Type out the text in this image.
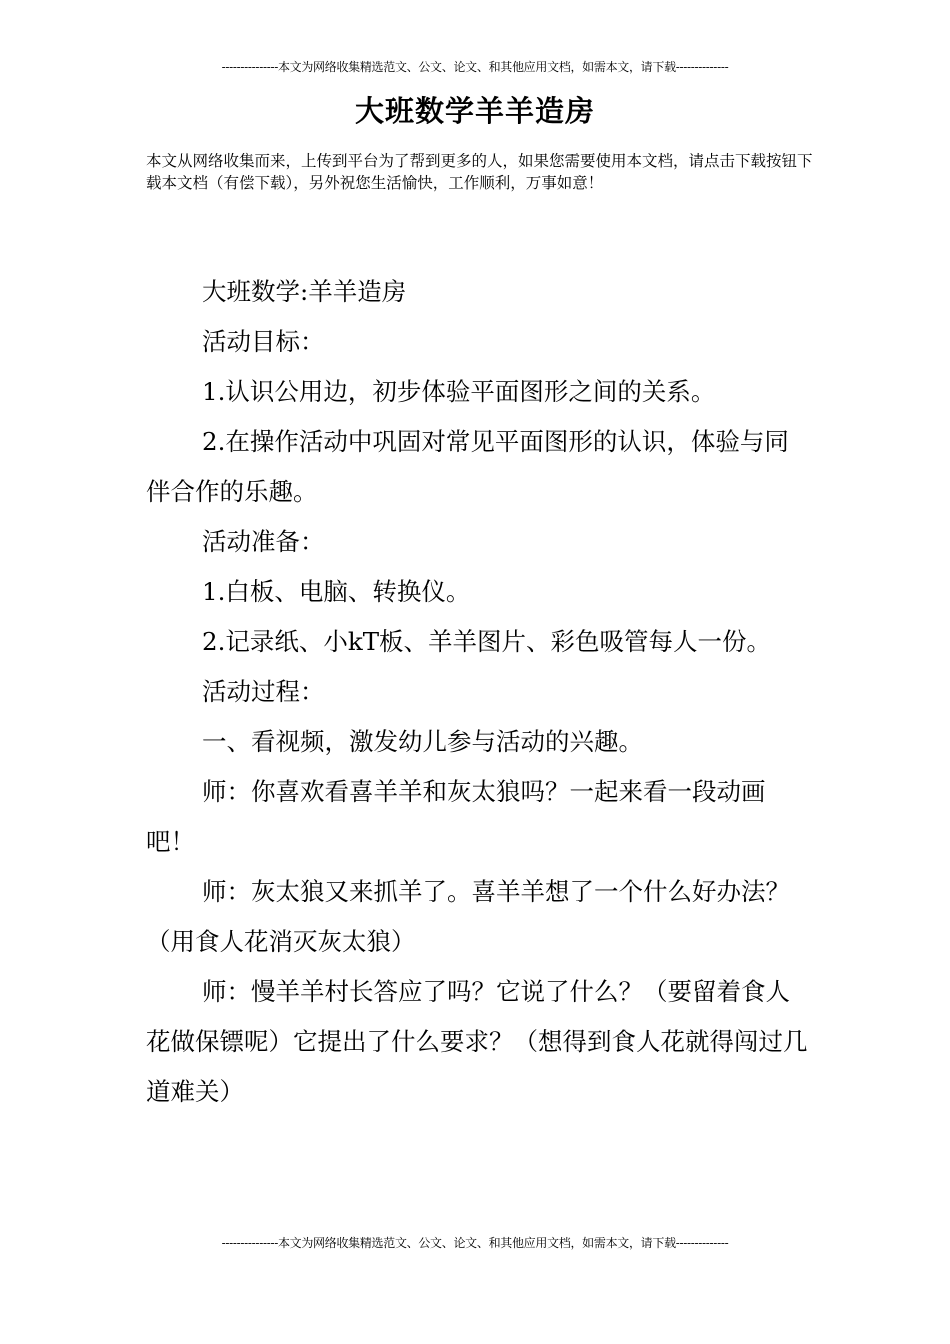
---------------本文为网络收集精选范文、公文、论文、和其他应用文档，如需本文，请下载--------------
大班数学羊羊造房
本文从网络收集而来，上传到平台为了帮到更多的人，如果您需要使用本文档，请点击下载按钮下载本文档（有偿下载），另外祝您生活愉快，工作顺利，万事如意！

大班数学:羊羊造房

活动目标：

1.认识公用边，初步体验平面图形之间的关系。

2.在操作活动中巩固对常见平面图形的认识，体验与同伴合作的乐趣。

活动准备：

1.白板、电脑、转换仪。

2.记录纸、小kT板、羊羊图片、彩色吸管每人一份。

活动过程：

一、看视频，激发幼儿参与活动的兴趣。

师：你喜欢看喜羊羊和灰太狼吗？一起来看一段动画吧！

师：灰太狼又来抓羊了。喜羊羊想了一个什么好办法？（用食人花消灭灰太狼）

师：慢羊羊村长答应了吗？它说了什么？（要留着食人花做保镖呢）它提出了什么要求？（想得到食人花就得闯过几道难关）

---------------本文为网络收集精选范文、公文、论文、和其他应用文档，如需本文，请下载--------------
